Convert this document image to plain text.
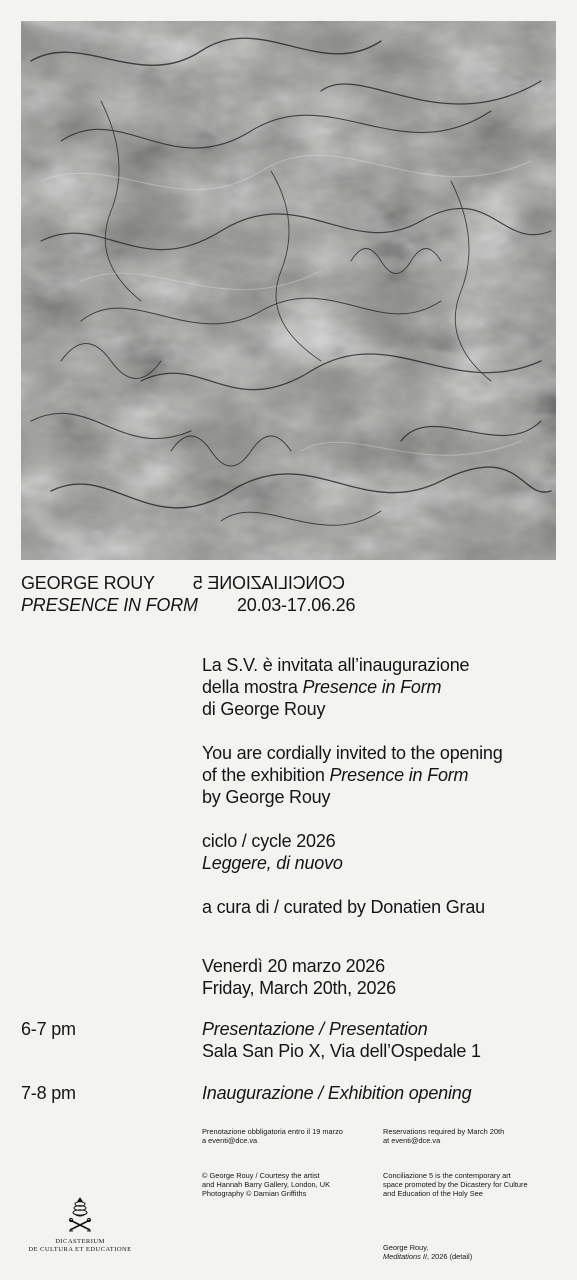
GEORGE ROUY CONCILIAZIONE 5
PRESENCE IN FORM 20.03-17.06.26

La S.V. è invitata all’inaugurazione
della mostra Presence in Form
di George Rouy

You are cordially invited to the opening
of the exhibition Presence in Form
by George Rouy

ciclo / cycle 2026
Leggere, di nuovo

a cura di / curated by Donatien Grau

Venerdì 20 marzo 2026
Friday, March 20th, 2026

6-7 pm	Presentazione / Presentation
Sala San Pio X, Via dell’Ospedale 1
7-8 pm	Inaugurazione / Exhibition opening

Prenotazione obbligatoria entro il 19 marzo

a eventi@dce.va

Reservations required by March 20th

at eventi@dce.va

© George Rouy / Courtesy the artist

and Hannah Barry Gallery, London, UK

Photography © Damian Griffiths

Conciliazione 5 is the contemporary art

space promoted by the Dicastery for Culture

and Education of the Holy See

George Rouy,

Meditations II, 2026 (detail)

DICASTERIUM
DE CULTURA ET EDUCATIONE
